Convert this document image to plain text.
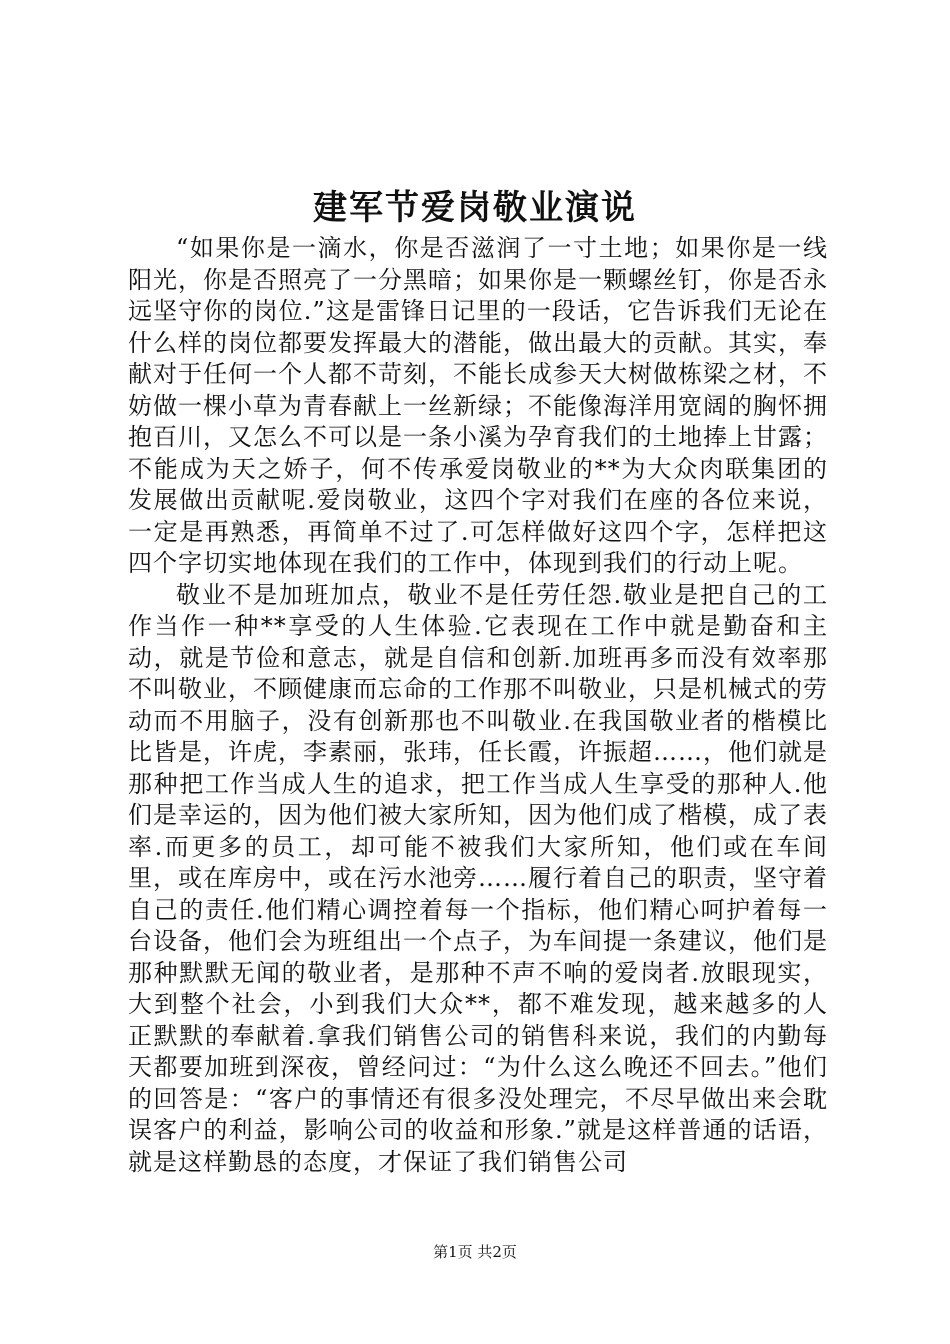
建军节爱岗敬业演说

“如果你是一滴水，你是否滋润了一寸土地；如果你是一线阳光，你是否照亮了一分黑暗；如果你是一颗螺丝钉，你是否永远坚守你的岗位.”这是雷锋日记里的一段话，它告诉我们无论在什么样的岗位都要发挥最大的潜能，做出最大的贡献。其实，奉献对于任何一个人都不苛刻，不能长成参天大树做栋梁之材，不妨做一棵小草为青春献上一丝新绿；不能像海洋用宽阔的胸怀拥抱百川，又怎么不可以是一条小溪为孕育我们的土地捧上甘露；不能成为天之娇子，何不传承爱岗敬业的**为大众肉联集团的发展做出贡献呢.爱岗敬业，这四个字对我们在座的各位来说，一定是再熟悉，再简单不过了.可怎样做好这四个字，怎样把这四个字切实地体现在我们的工作中，体现到我们的行动上呢。

敬业不是加班加点，敬业不是任劳任怨.敬业是把自己的工作当作一种**享受的人生体验.它表现在工作中就是勤奋和主动，就是节俭和意志，就是自信和创新.加班再多而没有效率那不叫敬业，不顾健康而忘命的工作那不叫敬业，只是机械式的劳动而不用脑子，没有创新那也不叫敬业.在我国敬业者的楷模比比皆是，许虎，李素丽，张玮，任长霞，许振超……，他们就是那种把工作当成人生的追求，把工作当成人生享受的那种人.他们是幸运的，因为他们被大家所知，因为他们成了楷模，成了表率.而更多的员工，却可能不被我们大家所知，他们或在车间里，或在库房中，或在污水池旁……履行着自己的职责，坚守着自己的责任.他们精心调控着每一个指标，他们精心呵护着每一台设备，他们会为班组出一个点子，为车间提一条建议，他们是那种默默无闻的敬业者，是那种不声不响的爱岗者.放眼现实，大到整个社会，小到我们大众**，都不难发现，越来越多的人正默默的奉献着.拿我们销售公司的销售科来说，我们的内勤每天都要加班到深夜，曾经问过：“为什么这么晚还不回去。”他们的回答是：“客户的事情还有很多没处理完，不尽早做出来会耽误客户的利益，影响公司的收益和形象.”就是这样普通的话语，就是这样勤恳的态度，才保证了我们销售公司

第1页 共2页
